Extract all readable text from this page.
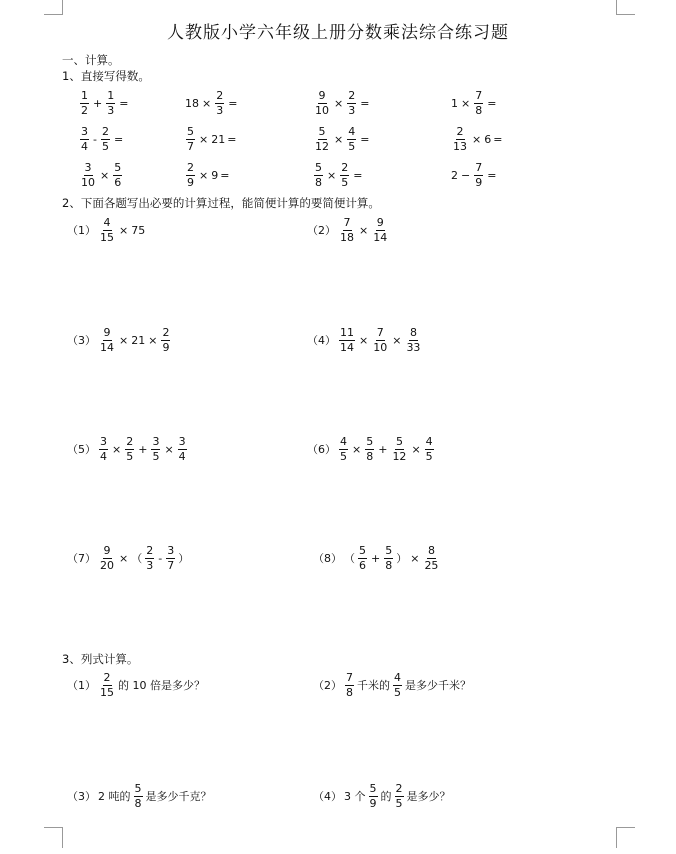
人教版小学六年级上册分数乘法综合练习题
一、计算。
1、直接写得数。
$\frac{1}{2} + \frac{1}{3}$ =	$18 \times \frac{2}{3}$ =	$\frac{9}{10} \times \frac{2}{3}$ =	$1 \times \frac{7}{8}$ =
$\frac{3}{4} - \frac{2}{5}$ =	$\frac{5}{7} \times 21$ =	$\frac{5}{12} \times \frac{4}{5}$ =	$\frac{2}{13} \times 6$ =
$\frac{3}{10} \times \frac{5}{6}$	$\frac{2}{9} \times 9$ =	$\frac{5}{8} \times \frac{2}{5}$ =	$2 - \frac{7}{9}$ =
2、下面各题写出必要的计算过程，能简便计算的要简便计算。
$(1) \frac{4}{15} \times 75$	$(2) \frac{7}{18} \times \frac{9}{14}$
$(3) \frac{9}{14} \times 21 \times \frac{2}{9}$	$(4) \frac{11}{14} \times \frac{7}{10} \times \frac{8}{33}$
$(5) \frac{3}{4} \times \frac{2}{5} + \frac{3}{5} \times \frac{3}{4}$	$(6) \frac{4}{5} \times \frac{5}{8} + \frac{5}{12} \times \frac{4}{5}$
$(7) \frac{9}{20}$ × （ $\frac{2}{3} - \frac{3}{7}$ ）	（8） （ $\frac{5}{6} + \frac{5}{8}$ ） × $\frac{8}{25}$
3、列式计算。
$(1) \frac{2}{15}$ 的 10 倍是多少？	$(2) \frac{7}{8}$ 千米的 $\frac{4}{5}$ 是多少千米？
（3） 2 吨的 $\frac{5}{8}$ 是多少千克？	（4） 3 个 $\frac{5}{9}$ 的 $\frac{2}{5}$ 是多少？
